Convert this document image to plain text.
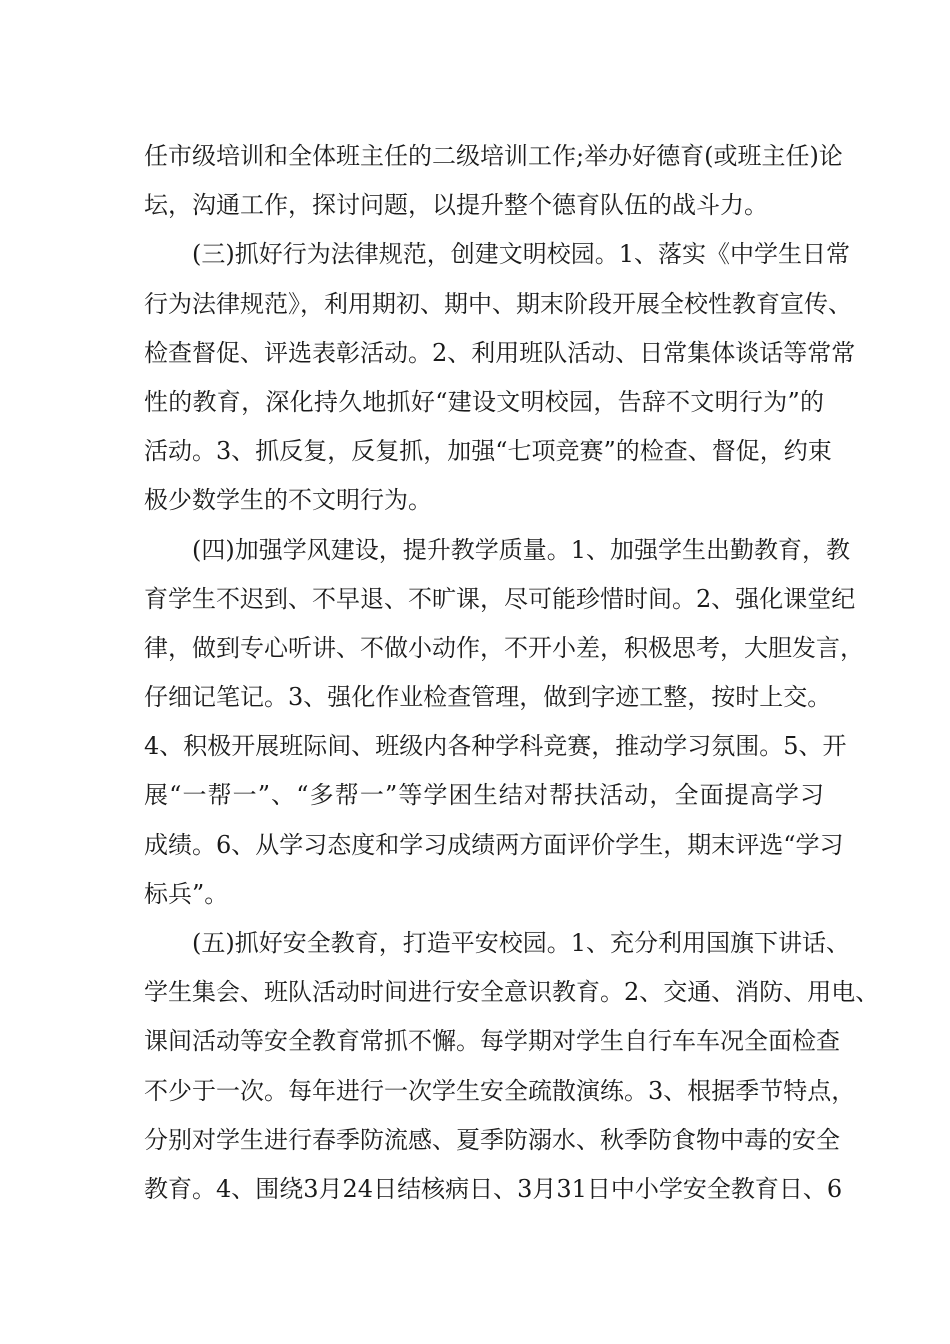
任市级培训和全体班主任的二级培训工作;举办好德育(或班主任)论
坛，沟通工作，探讨问题，以提升整个德育队伍的战斗力。
(三)抓好行为法律规范，创建文明校园。1、落实《中学生日常
行为法律规范》，利用期初、期中、期末阶段开展全校性教育宣传、
检查督促、评选表彰活动。2、利用班队活动、日常集体谈话等常常
性的教育，深化持久地抓好“建设文明校园，告辞不文明行为”的
活动。3、抓反复，反复抓，加强“七项竞赛”的检查、督促，约束
极少数学生的不文明行为。
(四)加强学风建设，提升教学质量。1、加强学生出勤教育，教
育学生不迟到、不早退、不旷课，尽可能珍惜时间。2、强化课堂纪
律，做到专心听讲、不做小动作，不开小差，积极思考，大胆发言，
仔细记笔记。3、强化作业检查管理，做到字迹工整，按时上交。
4、积极开展班际间、班级内各种学科竞赛，推动学习氛围。5、开
展“一帮一”、“多帮一”等学困生结对帮扶活动，全面提高学习
成绩。6、从学习态度和学习成绩两方面评价学生，期末评选“学习
标兵”。
(五)抓好安全教育，打造平安校园。1、充分利用国旗下讲话、
学生集会、班队活动时间进行安全意识教育。2、交通、消防、用电、
课间活动等安全教育常抓不懈。每学期对学生自行车车况全面检查
不少于一次。每年进行一次学生安全疏散演练。3、根据季节特点，
分别对学生进行春季防流感、夏季防溺水、秋季防食物中毒的安全
教育。4、围绕3月24日结核病日、3月31日中小学安全教育日、6
